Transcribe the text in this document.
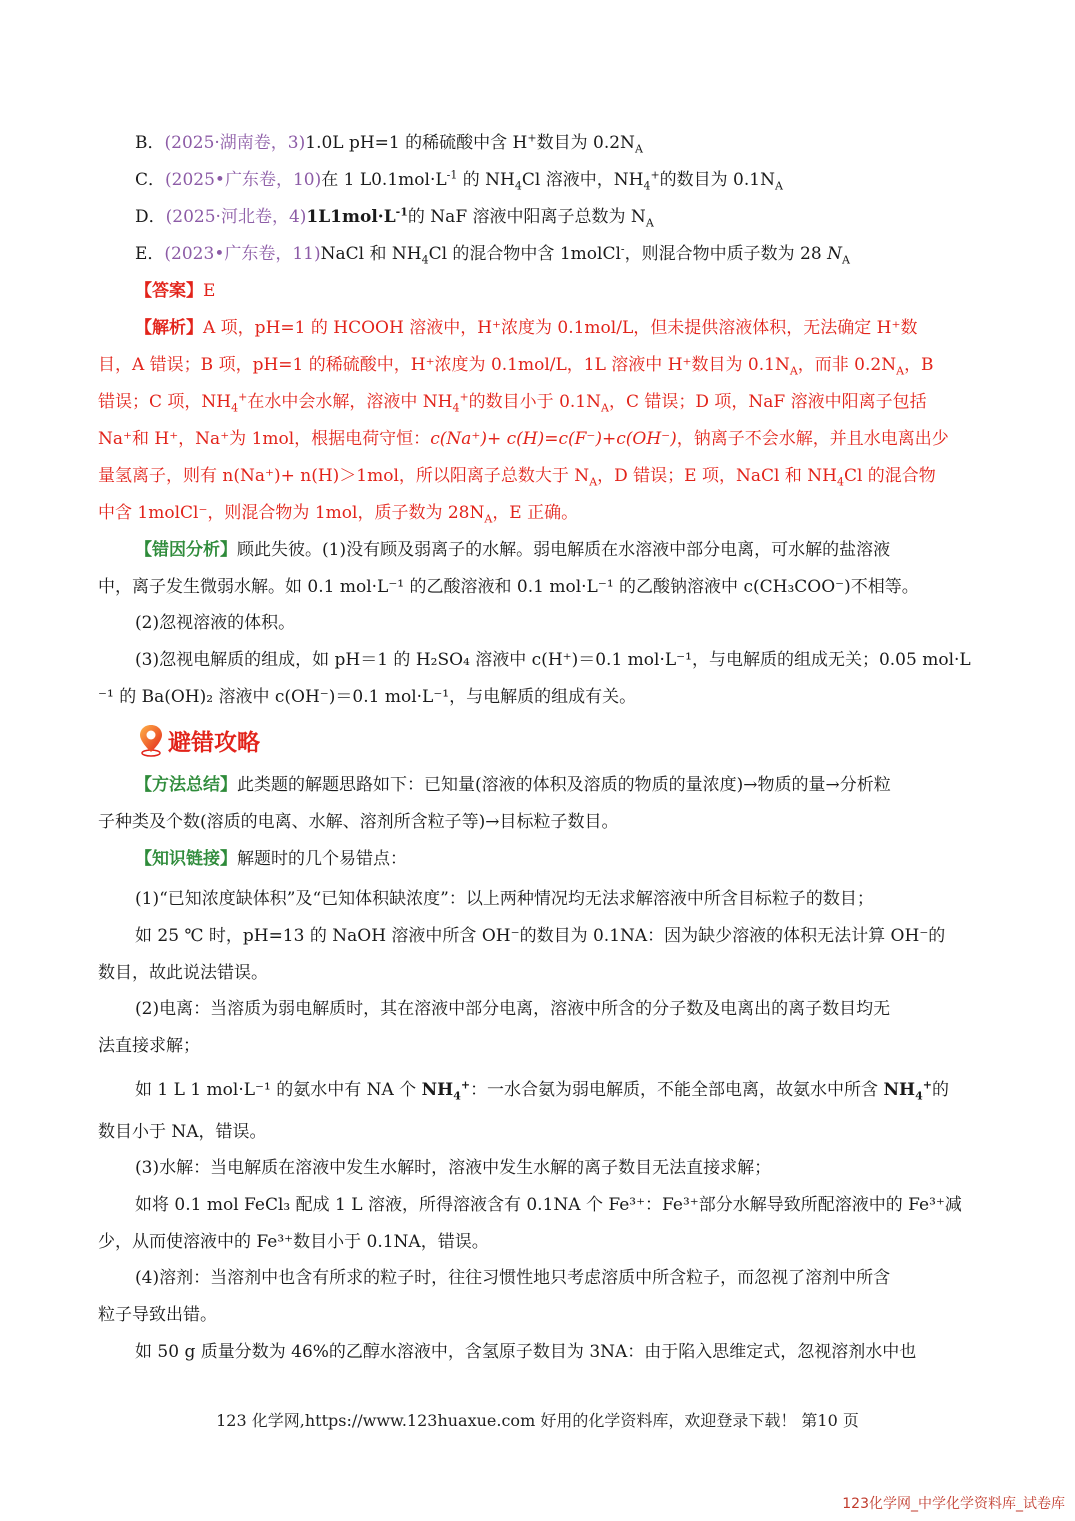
B．(2025·湖南卷，3)1.0L pH=1 的稀硫酸中含 H+数目为 $0.2N_A$
C．(2025•广东卷，10)在 1 $L0.1mol\cdot L^{-1}$ 的 $NH_4Cl$ 溶液中，$NH_4^+$的数目为 $0.1N_A$
D．(2025·河北卷，$4)1L1mol\cdot L^{-1}$的 NaF 溶液中阳离子总数为 $N_A$
E．(2023•广东卷，11)NaCl 和 $NH_4Cl$ 的混合物中含 1molCl-，则混合物中质子数为 28 $N_A$
【答案】E
【解析】A 项，pH=1 的 HCOOH 溶液中，H⁺浓度为 0.1mol/L，但未提供溶液体积，无法确定 H⁺数
目，A 错误；B 项，pH=1 的稀硫酸中，H⁺浓度为 0.1mol/L，1L 溶液中 H⁺数目为 $0.1N_A$，而非 $0.2N_A$，B
错误；C 项，$NH_4^+$在水中会水解，溶液中 $NH_4^+$的数目小于 $0.1N_A$，C 错误；D 项，NaF 溶液中阳离子包括
Na⁺和 H⁺，Na⁺为 1mol，根据电荷守恒：c(Na⁺)+ c(H)=c(F⁻)+c(OH⁻)，钠离子不会水解，并且水电离出少
量氢离子，则有 n(Na⁺)+ n(H)＞1mol，所以阳离子总数大于 $N_A$，D 错误；E 项，NaCl 和 $NH_4Cl$ 的混合物
中含 1molCl⁻，则混合物为 1mol，质子数为 $28N_A$，E 正确。
【错因分析】顾此失彼。(1)没有顾及弱离子的水解。弱电解质在水溶液中部分电离，可水解的盐溶液
中，离子发生微弱水解。如 0.1 mol·L⁻¹ 的乙酸溶液和 0.1 mol·L⁻¹ 的乙酸钠溶液中 c(CH₃COO⁻)不相等。
(2)忽视溶液的体积。
(3)忽视电解质的组成，如 pH＝1 的 H₂SO₄ 溶液中 c(H⁺)＝0.1 mol·L⁻¹，与电解质的组成无关；0.05 mol·L
⁻¹ 的 Ba(OH)₂ 溶液中 c(OH⁻)＝0.1 mol·L⁻¹，与电解质的组成有关。
避错攻略
【方法总结】此类题的解题思路如下：已知量(溶液的体积及溶质的物质的量浓度)→物质的量→分析粒
子种类及个数(溶质的电离、水解、溶剂所含粒子等)→目标粒子数目。
【知识链接】解题时的几个易错点：
(1)“已知浓度缺体积”及“已知体积缺浓度”：以上两种情况均无法求解溶液中所含目标粒子的数目；
如 25 ℃ 时，pH=13 的 NaOH 溶液中所含 OH⁻的数目为 0.1NA：因为缺少溶液的体积无法计算 OH⁻的
数目，故此说法错误。
(2)电离：当溶质为弱电解质时，其在溶液中部分电离，溶液中所含的分子数及电离出的离子数目均无
法直接求解；
如 1 L 1 mol·L⁻¹ 的氨水中有 NA 个 $NH_4^+$：一水合氨为弱电解质，不能全部电离，故氨水中所含 $NH_4^+$的
数目小于 NA，错误。
(3)水解：当电解质在溶液中发生水解时，溶液中发生水解的离子数目无法直接求解；
如将 0.1 mol FeCl₃ 配成 1 L 溶液，所得溶液含有 0.1NA 个 Fe³⁺：Fe³⁺部分水解导致所配溶液中的 Fe³⁺减
少，从而使溶液中的 Fe³⁺数目小于 0.1NA，错误。
(4)溶剂：当溶剂中也含有所求的粒子时，往往习惯性地只考虑溶质中所含粒子，而忽视了溶剂中所含
粒子导致出错。
如 50 g 质量分数为 46%的乙醇水溶液中，含氢原子数目为 3NA：由于陷入思维定式，忽视溶剂水中也
123 化学网,https://www.123huaxue.com 好用的化学资料库，欢迎登录下载！ 第10 页
123化学网_中学化学资料库_试卷库
